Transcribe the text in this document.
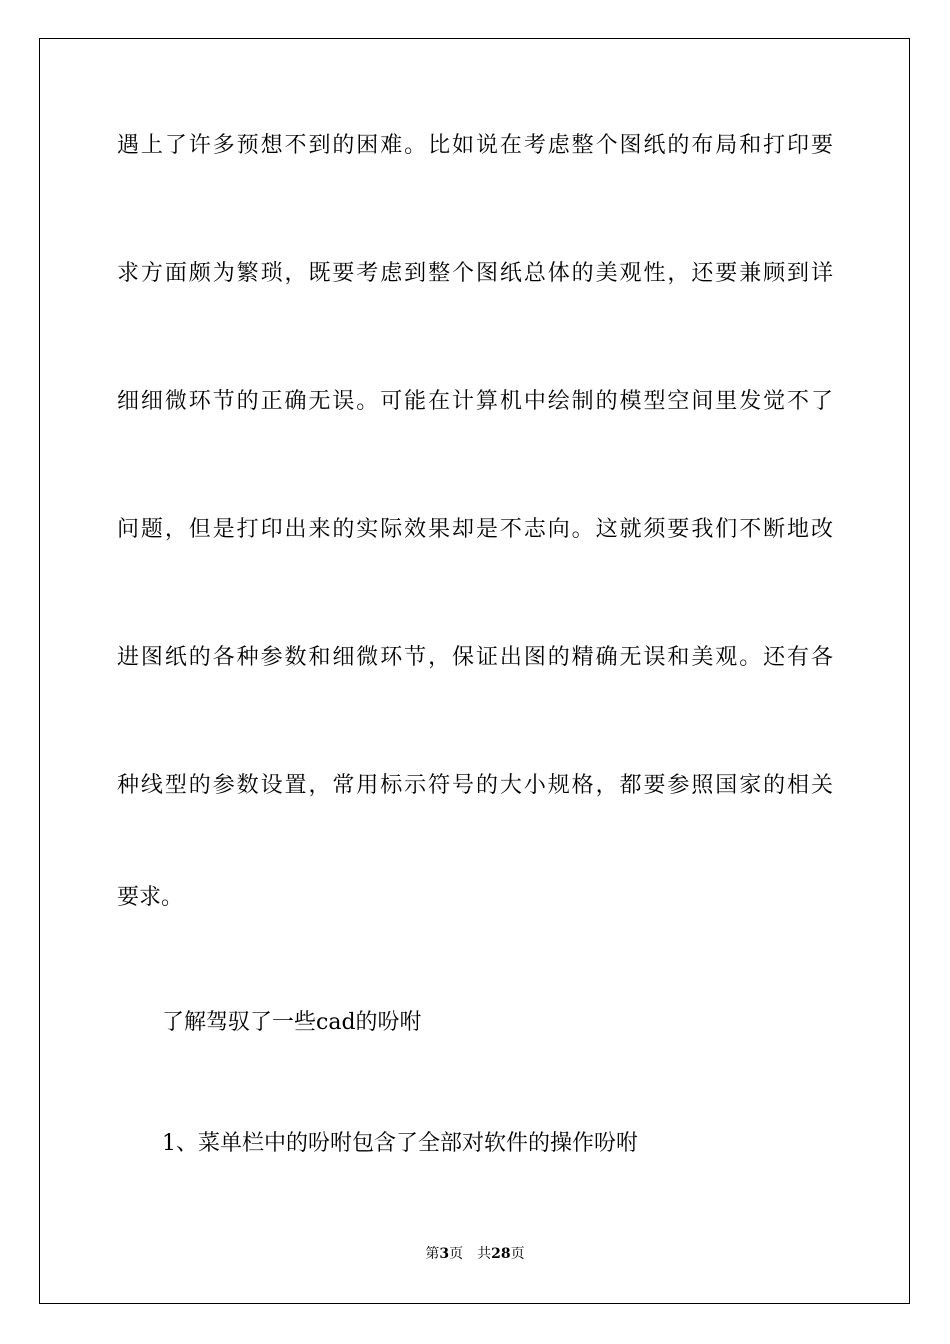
遇上了许多预想不到的困难。比如说在考虑整个图纸的布局和打印要

求方面颇为繁琐，既要考虑到整个图纸总体的美观性，还要兼顾到详

细细微环节的正确无误。可能在计算机中绘制的模型空间里发觉不了

问题，但是打印出来的实际效果却是不志向。这就须要我们不断地改

进图纸的各种参数和细微环节，保证出图的精确无误和美观。还有各

种线型的参数设置，常用标示符号的大小规格，都要参照国家的相关

要求。

了解驾驭了一些cad的吩咐

1、菜单栏中的吩咐包含了全部对软件的操作吩咐

第3页　共28页
